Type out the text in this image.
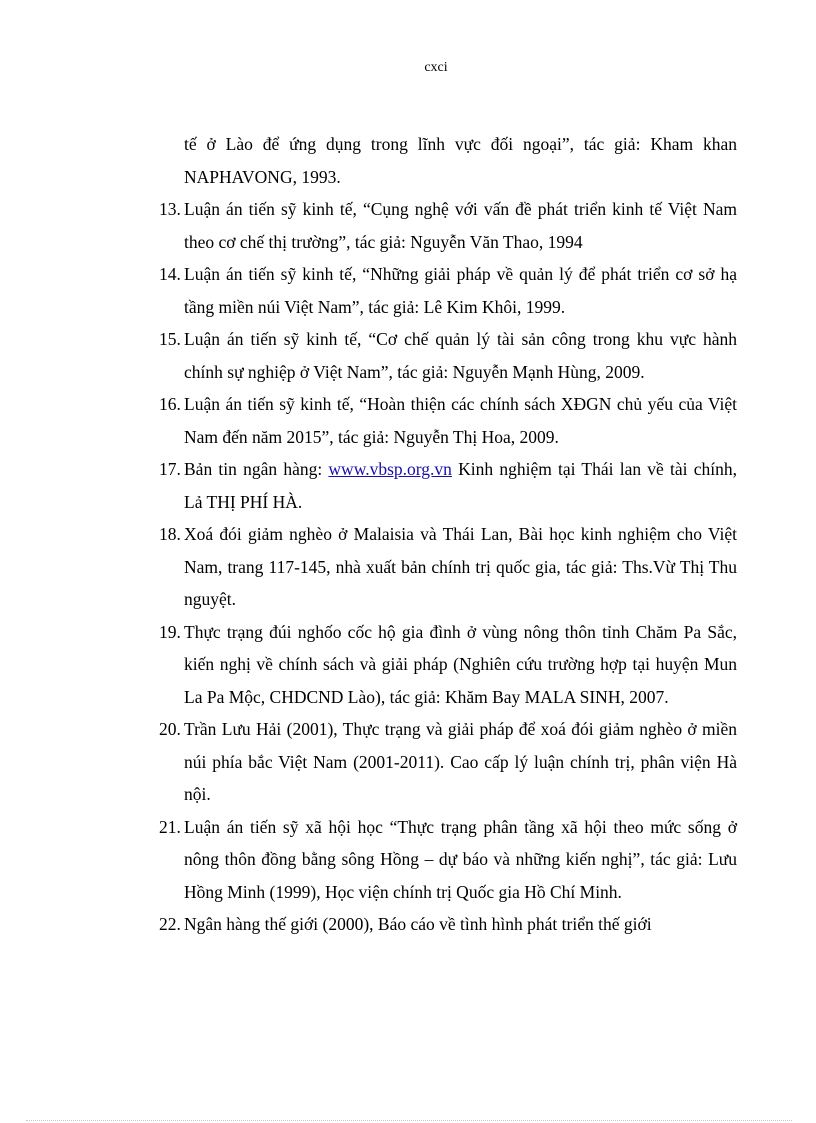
cxci
tế ở Lào để ứng dụng trong lĩnh vực đối ngoại”, tác giả: Kham khan NAPHAVONG, 1993.
13. Luận án tiến sỹ kinh tế, “Cụng nghệ với vấn đề phát triển kinh tế Việt Nam theo cơ chế thị trường”, tác giả: Nguyễn Văn Thao, 1994
14. Luận án tiến sỹ kinh tế, “Những giải pháp về quản lý để phát triển cơ sở hạ tầng miền núi Việt Nam”, tác giả: Lê Kim Khôi, 1999.
15. Luận án tiến sỹ kinh tế, “Cơ chế quản lý tài sản công trong khu vực hành chính sự nghiệp ở Việt Nam”, tác giả: Nguyễn Mạnh Hùng, 2009.
16. Luận án tiến sỹ kinh tế, “Hoàn thiện các chính sách XĐGN chủ yếu của Việt Nam đến năm 2015”, tác giả: Nguyễn Thị Hoa, 2009.
17. Bản tin ngân hàng: www.vbsp.org.vn Kinh nghiệm tại Thái lan về tài chính, Lả THỊ PHÍ HÀ.
18. Xoá đói giảm nghèo ở Malaisia và Thái Lan, Bài học kinh nghiệm cho Việt Nam, trang 117-145, nhà xuất bản chính trị quốc gia, tác giả: Ths.Vừ Thị Thu nguyệt.
19. Thực trạng đúi nghốo cốc hộ gia đình ở vùng nông thôn tỉnh Chăm Pa Sắc, kiến nghị về chính sách và giải pháp (Nghiên cứu trường hợp tại huyện Mun La Pa Mộc, CHDCND Lào), tác giả: Khăm Bay MALA SINH, 2007.
20. Trần Lưu Hải (2001), Thực trạng và giải pháp để xoá đói giảm nghèo ở miền núi phía bắc Việt Nam (2001-2011). Cao cấp lý luận chính trị, phân viện Hà nội.
21. Luận án tiến sỹ xã hội học “Thực trạng phân tầng xã hội theo mức sống ở nông thôn đồng bằng sông Hồng – dự báo và những kiến nghị”, tác giả: Lưu Hồng Minh (1999), Học viện chính trị Quốc gia Hồ Chí Minh.
22. Ngân hàng thế giới (2000), Báo cáo về tình hình phát triển thế giới
